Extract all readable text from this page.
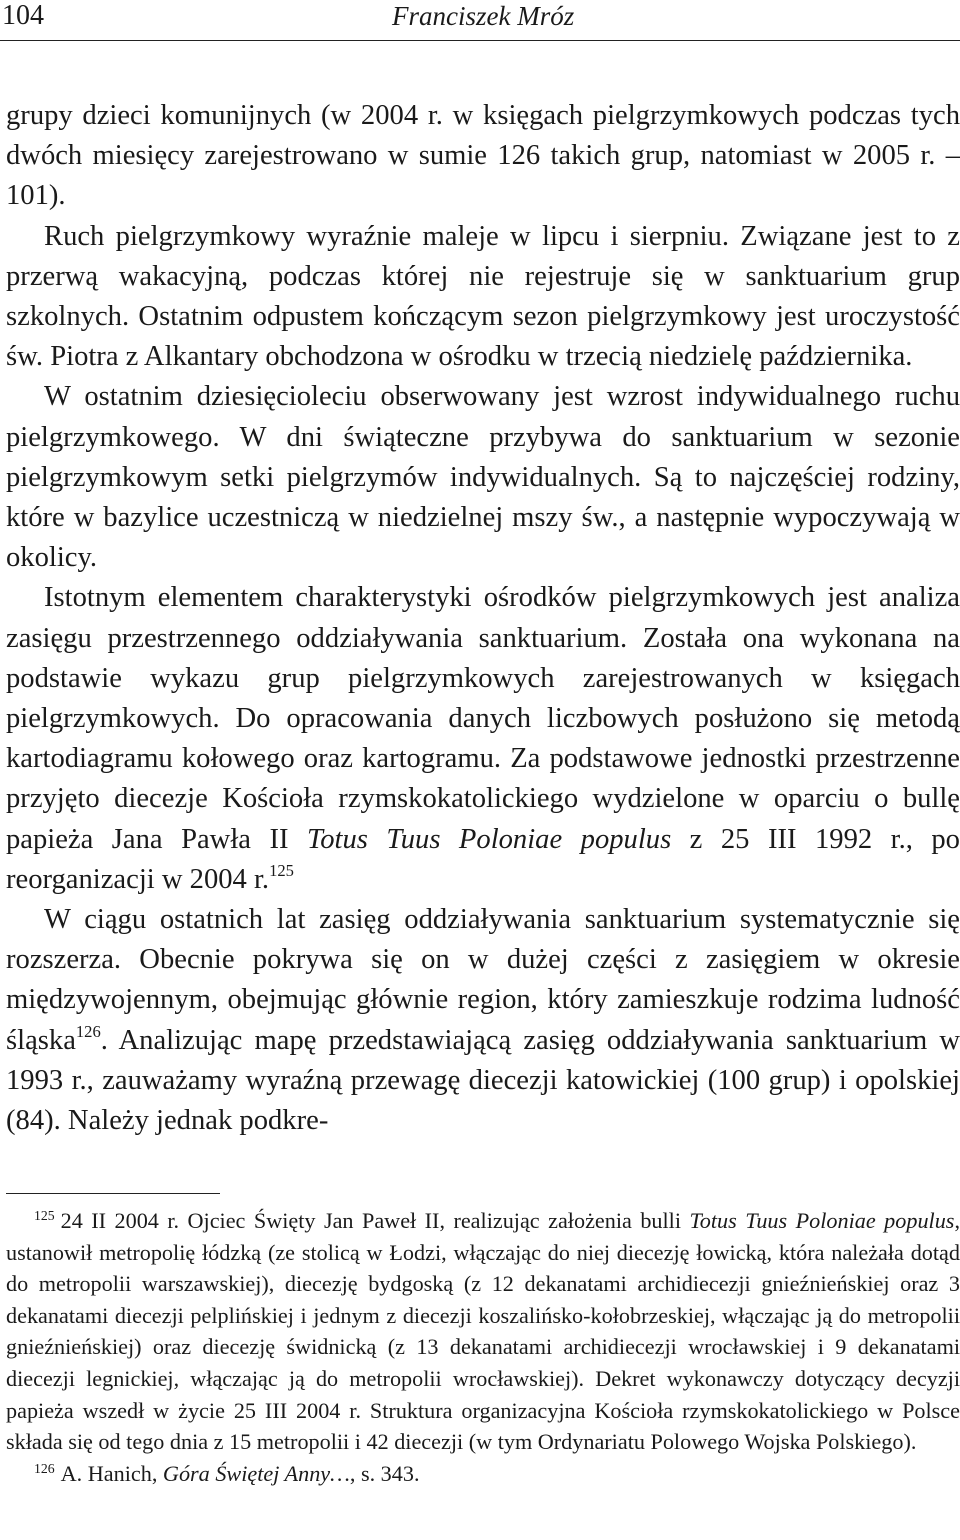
104	Franciszek Mróz

grupy dzieci komunijnych (w 2004 r. w księgach pielgrzymkowych podczas tych dwóch miesięcy zarejestrowano w sumie 126 takich grup, natomiast w 2005 r. – 101).

Ruch pielgrzymkowy wyraźnie maleje w lipcu i sierpniu. Związane jest to z przerwą wakacyjną, podczas której nie rejestruje się w sanktuarium grup szkolnych. Ostatnim odpustem kończącym sezon pielgrzymkowy jest uroczystość św. Piotra z Alkantary obchodzona w ośrodku w trzecią niedzielę października.

W ostatnim dziesięcioleciu obserwowany jest wzrost indywidualnego ruchu pielgrzymkowego. W dni świąteczne przybywa do sanktuarium w sezonie pielgrzymkowym setki pielgrzymów indywidualnych. Są to najczęściej rodziny, które w bazylice uczestniczą w niedzielnej mszy św., a następnie wypoczywają w okolicy.

Istotnym elementem charakterystyki ośrodków pielgrzymkowych jest analiza zasięgu przestrzennego oddziaływania sanktuarium. Została ona wykonana na podstawie wykazu grup pielgrzymkowych zarejestrowanych w księgach pielgrzymkowych. Do opracowania danych liczbowych posłużono się metodą kartodiagramu kołowego oraz kartogramu. Za podstawowe jednostki przestrzenne przyjęto diecezje Kościoła rzymskokatolickiego wydzielone w oparciu o bullę papieża Jana Pawła II Totus Tuus Poloniae populus z 25 III 1992 r., po reorganizacji w 2004 r.$^{125}$

W ciągu ostatnich lat zasięg oddziaływania sanktuarium systematycznie się rozszerza. Obecnie pokrywa się on w dużej części z zasięgiem w okresie międzywojennym, obejmując głównie region, który zamieszkuje rodzima ludność śląska$^{126}$. Analizując mapę przedstawiającą zasięg oddziaływania sanktuarium w 1993 r., zauważamy wyraźną przewagę diecezji katowickiej (100 grup) i opolskiej (84). Należy jednak podkre-

$^{125}$ 24 II 2004 r. Ojciec Święty Jan Paweł II, realizując założenia bulli Totus Tuus Poloniae populus, ustanowił metropolię łódzką (ze stolicą w Łodzi, włączając do niej diecezję łowicką, która należała dotąd do metropolii warszawskiej), diecezję bydgoską (z 12 dekanatami archidiecezji gnieźnieńskiej oraz 3 dekanatami diecezji pelplińskiej i jednym z diecezji koszalińsko-kołobrzeskiej, włączając ją do metropolii gnieźnieńskiej) oraz diecezję świdnicką (z 13 dekanatami archidiecezji wrocławskiej i 9 dekanatami diecezji legnickiej, włączając ją do metropolii wrocławskiej). Dekret wykonawczy dotyczący decyzji papieża wszedł w życie 25 III 2004 r. Struktura organizacyjna Kościoła rzymskokatolickiego w Polsce składa się od tego dnia z 15 metropolii i 42 diecezji (w tym Ordynariatu Polowego Wojska Polskiego).

$^{126}$ A. Hanich, Góra Świętej Anny…, s. 343.
